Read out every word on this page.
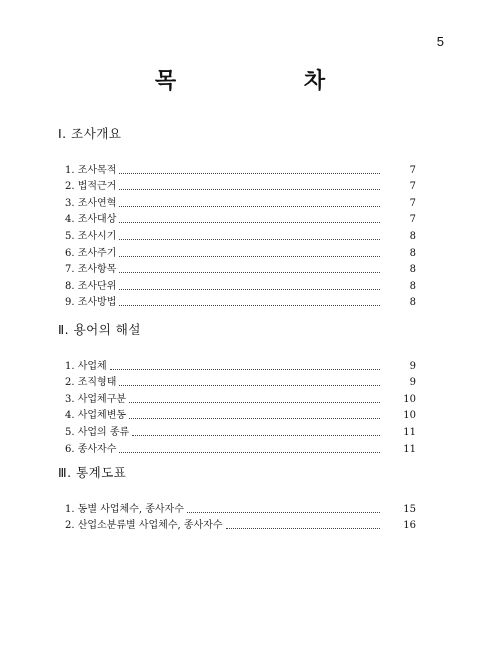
5
목 차
Ⅰ. 조사개요
1. 조사목적	7
2. 법적근거	7
3. 조사연혁	7
4. 조사대상	7
5. 조사시기	8
6. 조사주기	8
7. 조사항목	8
8. 조사단위	8
9. 조사방법	8
Ⅱ. 용어의 해설
1. 사업체	9
2. 조직형태	9
3. 사업체구분	10
4. 사업체변동	10
5. 사업의 종류	11
6. 종사자수	11
Ⅲ. 통계도표
1. 동별 사업체수, 종사자수	15
2. 산업소분류별 사업체수, 종사자수	16
